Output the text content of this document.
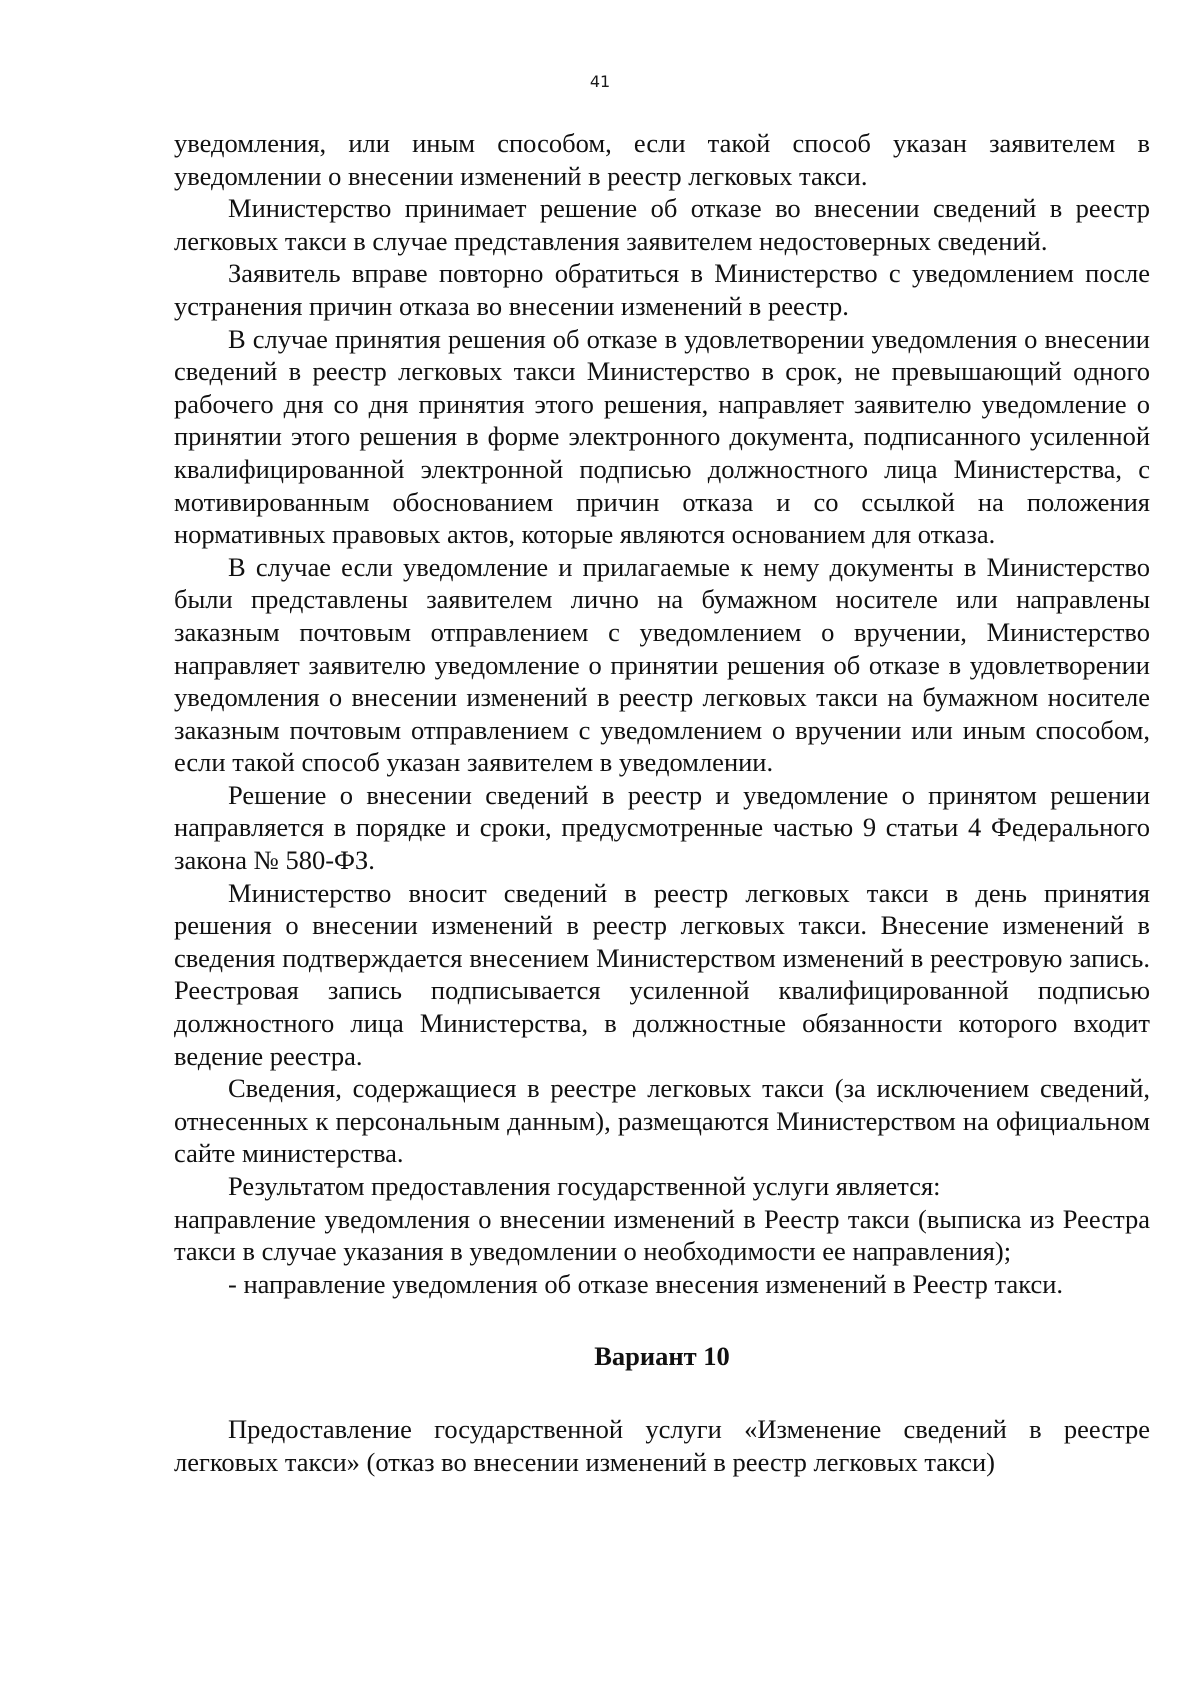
41

уведомления, или иным способом, если такой способ указан заявителем в уведомлении о внесении изменений в реестр легковых такси.

Министерство принимает решение об отказе во внесении сведений в реестр легковых такси в случае представления заявителем недостоверных сведений.

Заявитель вправе повторно обратиться в Министерство с уведомлением после устранения причин отказа во внесении изменений в реестр.

В случае принятия решения об отказе в удовлетворении уведомления о внесении сведений в реестр легковых такси Министерство в срок, не превышающий одного рабочего дня со дня принятия этого решения, направляет заявителю уведомление о принятии этого решения в форме электронного документа, подписанного усиленной квалифицированной электронной подписью должностного лица Министерства, с мотивированным обоснованием причин отказа и со ссылкой на положения нормативных правовых актов, которые являются основанием для отказа.

В случае если уведомление и прилагаемые к нему документы в Министерство были представлены заявителем лично на бумажном носителе или направлены заказным почтовым отправлением с уведомлением о вручении, Министерство направляет заявителю уведомление о принятии решения об отказе в удовлетворении уведомления о внесении изменений в реестр легковых такси на бумажном носителе заказным почтовым отправлением с уведомлением о вручении или иным способом, если такой способ указан заявителем в уведомлении.

Решение о внесении сведений в реестр и уведомление о принятом решении направляется в порядке и сроки, предусмотренные частью 9 статьи 4 Федерального закона № 580-ФЗ.

Министерство вносит сведений в реестр легковых такси в день принятия решения о внесении изменений в реестр легковых такси. Внесение изменений в сведения подтверждается внесением Министерством изменений в реестровую запись. Реестровая запись подписывается усиленной квалифицированной подписью должностного лица Министерства, в должностные обязанности которого входит ведение реестра.

Сведения, содержащиеся в реестре легковых такси (за исключением сведений, отнесенных к персональным данным), размещаются Министерством на официальном сайте министерства.

Результатом предоставления государственной услуги является:

направление уведомления о внесении изменений в Реестр такси (выписка из Реестра такси в случае указания в уведомлении о необходимости ее направления);

- направление уведомления об отказе внесения изменений в Реестр такси.

Вариант 10

Предоставление государственной услуги «Изменение сведений в реестре легковых такси» (отказ во внесении изменений в реестр легковых такси)
